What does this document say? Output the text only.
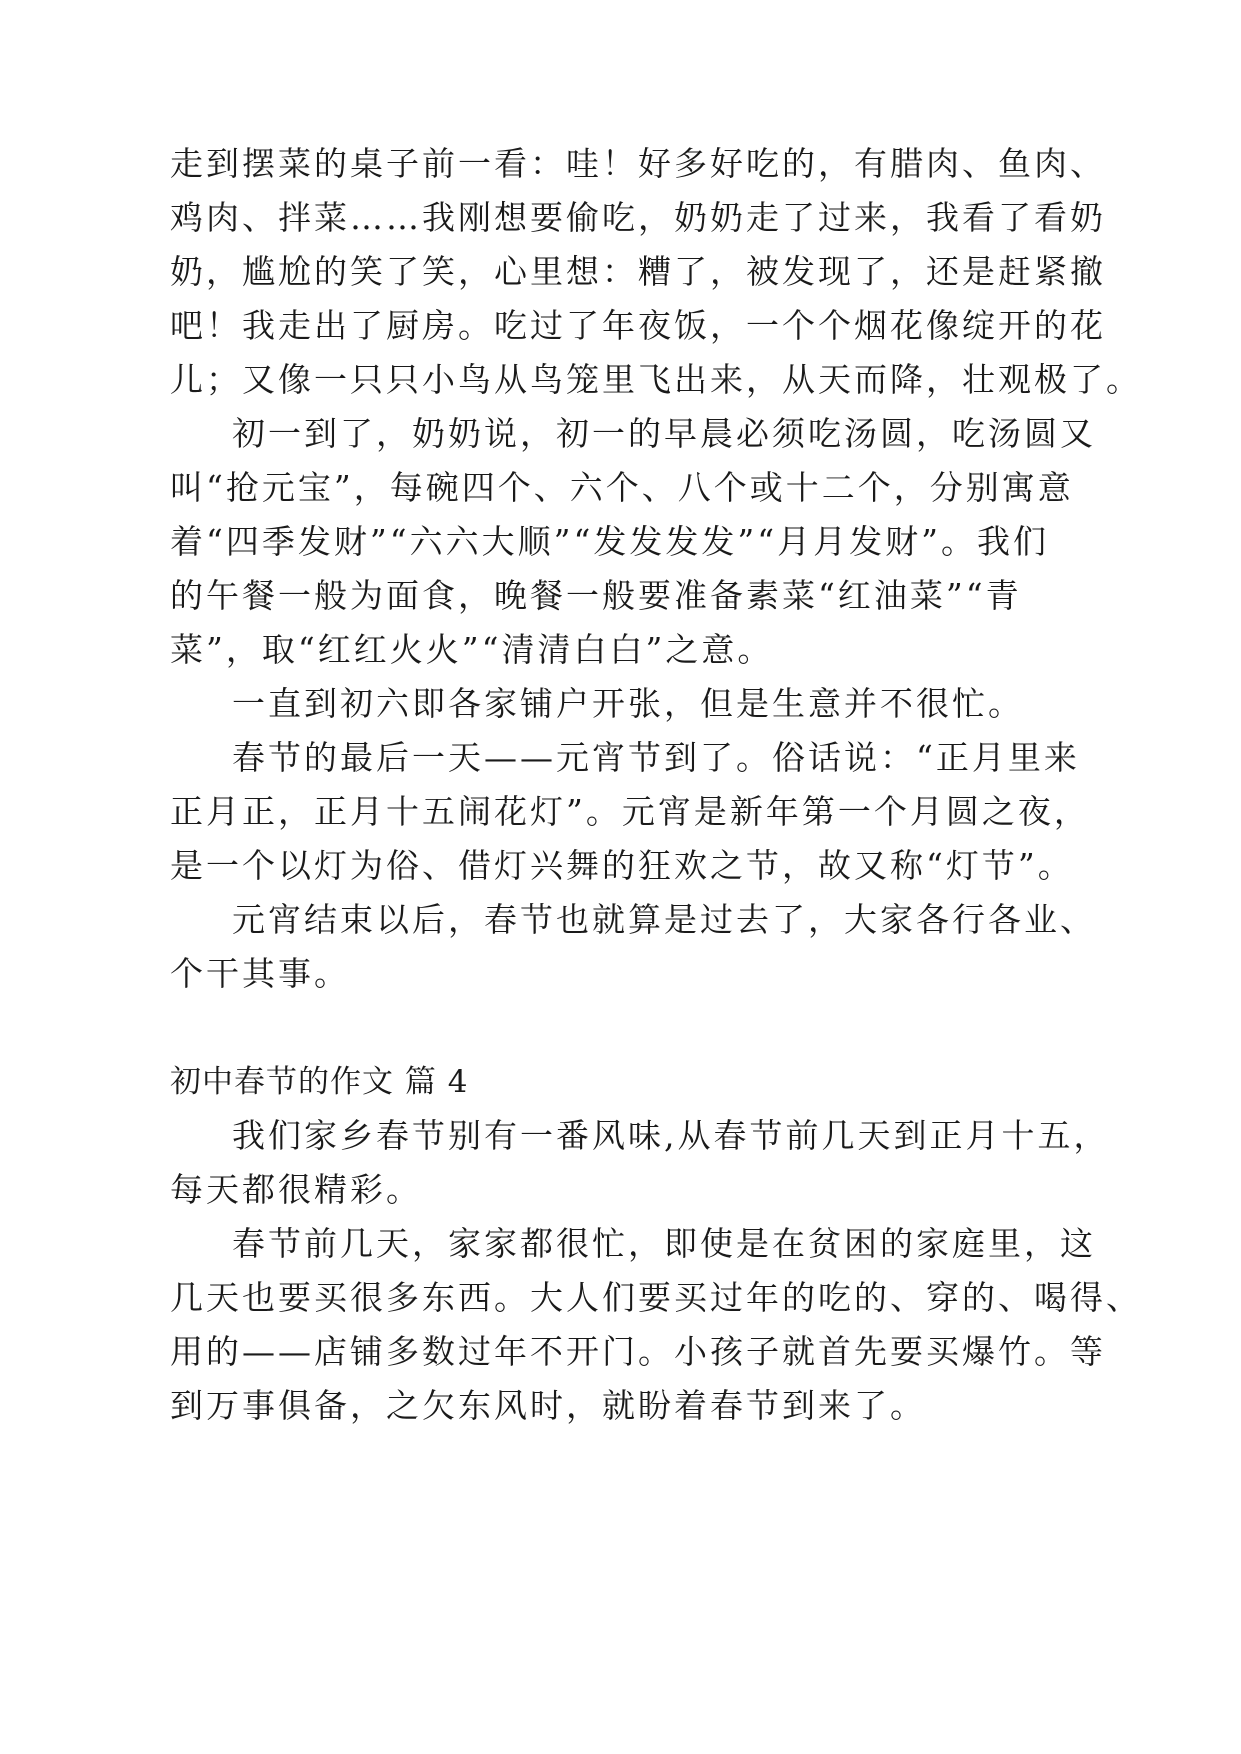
走到摆菜的桌子前一看：哇！好多好吃的，有腊肉、鱼肉、
鸡肉、拌菜……我刚想要偷吃，奶奶走了过来，我看了看奶
奶，尴尬的笑了笑，心里想：糟了，被发现了，还是赶紧撤
吧！我走出了厨房。吃过了年夜饭，一个个烟花像绽开的花
儿；又像一只只小鸟从鸟笼里飞出来，从天而降，壮观极了。
初一到了，奶奶说，初一的早晨必须吃汤圆，吃汤圆又
叫“抢元宝”，每碗四个、六个、八个或十二个，分别寓意
着“四季发财”“六六大顺”“发发发发”“月月发财”。我们
的午餐一般为面食，晚餐一般要准备素菜“红油菜”“青
菜”，取“红红火火”“清清白白”之意。
一直到初六即各家铺户开张，但是生意并不很忙。
春节的最后一天——元宵节到了。俗话说：“正月里来
正月正，正月十五闹花灯”。元宵是新年第一个月圆之夜，
是一个以灯为俗、借灯兴舞的狂欢之节，故又称“灯节”。
元宵结束以后，春节也就算是过去了，大家各行各业、
个干其事。
初中春节的作文 篇 4
我们家乡春节别有一番风味,从春节前几天到正月十五，
每天都很精彩。
春节前几天，家家都很忙，即使是在贫困的家庭里，这
几天也要买很多东西。大人们要买过年的吃的、穿的、喝得、
用的——店铺多数过年不开门。小孩子就首先要买爆竹。等
到万事俱备，之欠东风时，就盼着春节到来了。
